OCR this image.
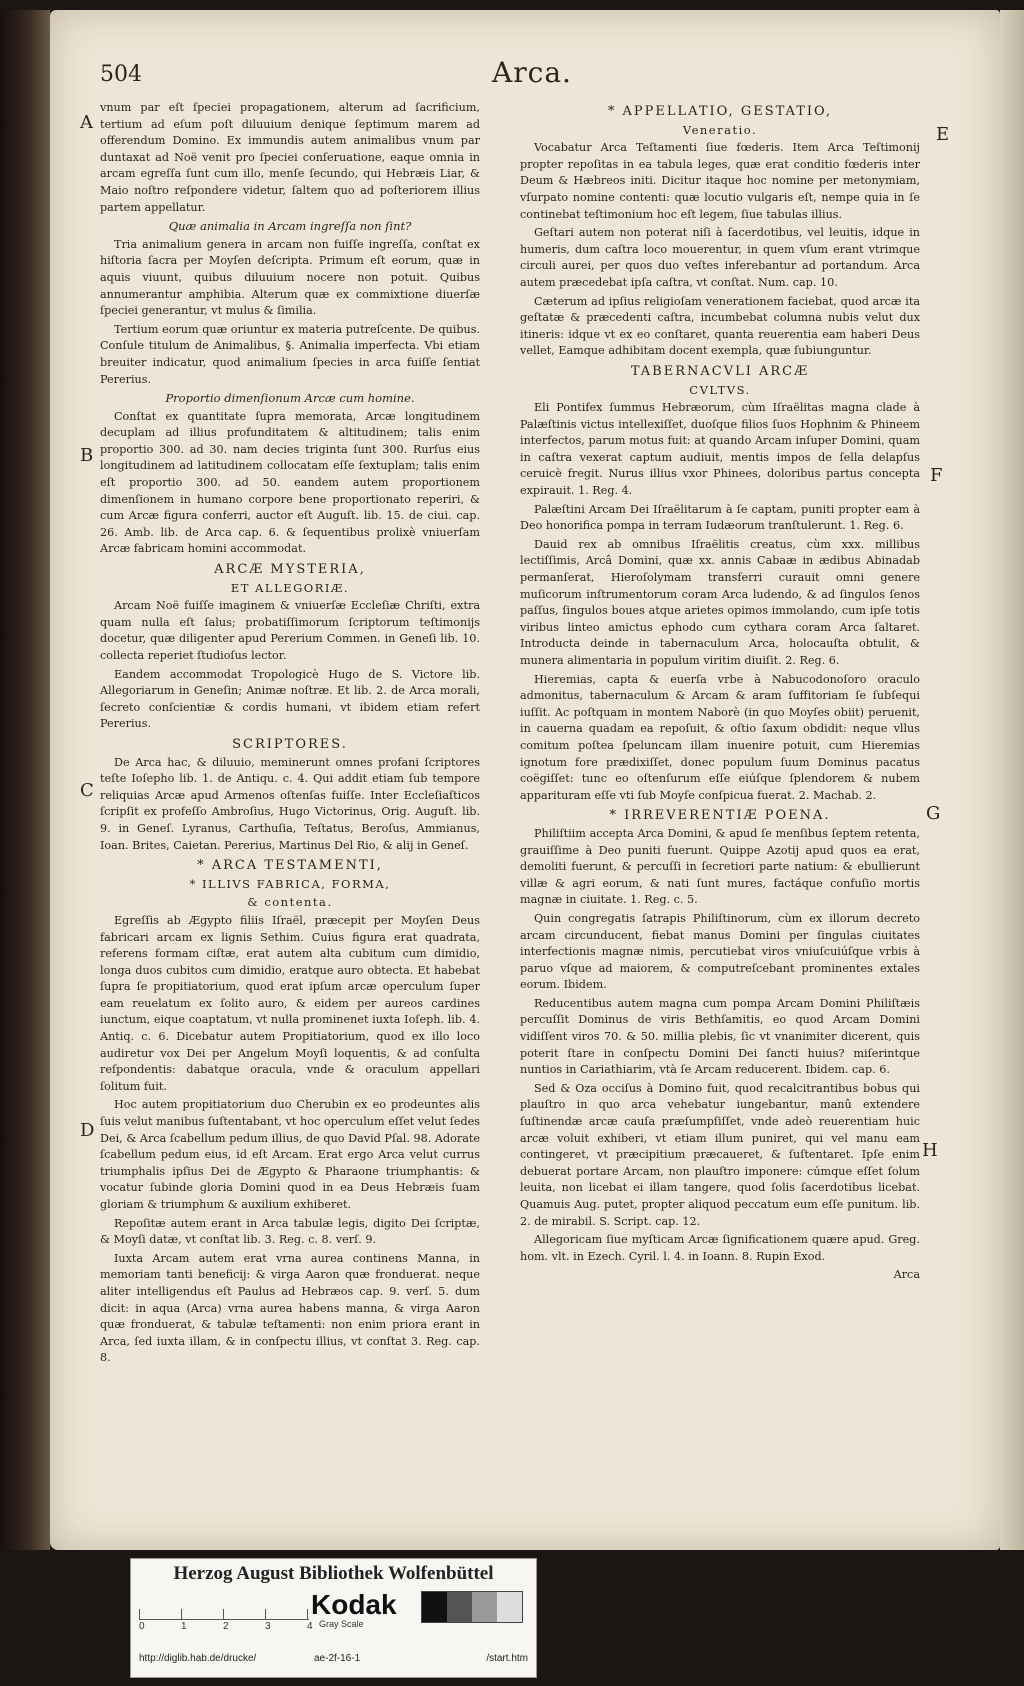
504	Arca.

vnum par eſt ſpeciei propagationem, alterum ad ſacrificium, tertium ad eſum poſt diluuium denique ſeptimum marem ad offerendum Domino. Ex immundis autem animalibus vnum par duntaxat ad Noë venit pro ſpeciei conſeruatione, eaque omnia in arcam egreſſa ſunt cum illo, menſe ſecundo, qui Hebræis Liar, & Maio noſtro reſpondere videtur, ſaltem quo ad poſteriorem illius partem appellatur.

Quæ animalia in Arcam ingreſſa non ſint?

Tria animalium genera in arcam non fuiſſe ingreſſa, conſtat ex hiſtoria ſacra per Moyſen deſcripta. Primum eſt eorum, quæ in aquis viuunt, quibus diluuium nocere non potuit. Quibus annumerantur amphibia. Alterum quæ ex commixtione diuerſæ ſpeciei generantur, vt mulus & ſimilia.

Tertium eorum quæ oriuntur ex materia putreſcente. De quibus. Conſule titulum de Animalibus, §. Animalia imperfecta. Vbi etiam breuiter indicatur, quod animalium ſpecies in arca fuiſſe ſentiat Pererius.

Proportio dimenſionum Arcæ cum homine.

Conſtat ex quantitate ſupra memorata, Arcæ longitudinem decuplam ad illius profunditatem & altitudinem; talis enim proportio 300. ad 30. nam decies triginta ſunt 300. Rurſus eius longitudinem ad latitudinem collocatam eſſe ſextuplam; talis enim eſt proportio 300. ad 50. eandem autem proportionem dimenſionem in humano corpore bene proportionato reperiri, & cum Arcæ figura conferri, auctor eſt Auguſt. lib. 15. de ciui. cap. 26. Amb. lib. de Arca cap. 6. & ſequentibus prolixè vniuerſam Arcæ fabricam homini accommodat.

ARCÆ MYSTERIA,
ET ALLEGORIÆ.

Arcam Noë fuiſſe imaginem & vniuerſæ Eccleſiæ Chriſti, extra quam nulla eſt ſalus; probatiſſimorum ſcriptorum teſtimonijs docetur, quæ diligenter apud Pererium Commen. in Geneſi lib. 10. collecta reperiet ſtudioſus lector.

Eandem accommodat Tropologicè Hugo de S. Victore lib. Allegoriarum in Geneſin; Animæ noſtræ. Et lib. 2. de Arca morali, ſecreto conſcientiæ & cordis humani, vt ibidem etiam refert Pererius.

SCRIPTORES.

De Arca hac, & diluuio, meminerunt omnes profani ſcriptores teſte Ioſepho lib. 1. de Antiqu. c. 4. Qui addit etiam ſub tempore reliquias Arcæ apud Armenos oſtenſas fuiſſe. Inter Eccleſiaſticos ſcripſit ex profeſſo Ambroſius, Hugo Victorinus, Orig. Auguſt. lib. 9. in Geneſ. Lyranus, Carthuſia, Teſtatus, Beroſus, Ammianus, Ioan. Brites, Caietan. Pererius, Martinus Del Rio, & alij in Geneſ.

* ARCA TESTAMENTI,
* ILLIVS FABRICA, FORMA,
& contenta.

Egreſſis ab Ægypto filiis Iſraël, præcepit per Moyſen Deus fabricari arcam ex lignis Sethim. Cuius figura erat quadrata, referens formam ciſtæ, erat autem alta cubitum cum dimidio, longa duos cubitos cum dimidio, eratque auro obtecta. Et habebat ſupra ſe propitiatorium, quod erat ipſum arcæ operculum ſuper eam reuelatum ex ſolito auro, & eidem per aureos cardines iunctum, eique coaptatum, vt nulla prominenet iuxta Ioſeph. lib. 4. Antiq. c. 6. Dicebatur autem Propitiatorium, quod ex illo loco audiretur vox Dei per Angelum Moyſi loquentis, & ad conſulta reſpondentis: dabatque oracula, vnde & oraculum appellari ſolitum fuit.

Hoc autem propitiatorium duo Cherubin ex eo prodeuntes alis ſuis velut manibus ſuſtentabant, vt hoc operculum eſſet velut ſedes Dei, & Arca ſcabellum pedum illius, de quo David Pſal. 98. Adorate ſcabellum pedum eius, id eſt Arcam. Erat ergo Arca velut currus triumphalis ipſius Dei de Ægypto & Pharaone triumphantis: & vocatur ſubinde gloria Domini quod in ea Deus Hebræis ſuam gloriam & triumphum & auxilium exhiberet.

Repoſitæ autem erant in Arca tabulæ legis, digito Dei ſcriptæ, & Moyſi datæ, vt conſtat lib. 3. Reg. c. 8. verſ. 9.

Iuxta Arcam autem erat vrna aurea continens Manna, in memoriam tanti beneficij: & virga Aaron quæ fronduerat. neque aliter intelligendus eſt Paulus ad Hebræos cap. 9. verſ. 5. dum dicit: in aqua (Arca) vrna aurea habens manna, & virga Aaron quæ fronduerat, & tabulæ teſtamenti: non enim priora erant in Arca, ſed iuxta illam, & in conſpectu illius, vt conſtat 3. Reg. cap. 8.

* APPELLATIO, GESTATIO,
Veneratio.

Vocabatur Arca Teſtamenti ſiue fœderis. Item Arca Teſtimonij propter repoſitas in ea tabula leges, quæ erat conditio fœderis inter Deum & Hæbreos initi. Dicitur itaque hoc nomine per metonymiam, vſurpato nomine contenti: quæ locutio vulgaris eſt, nempe quia in ſe continebat teſtimonium hoc eſt legem, ſiue tabulas illius.

Geſtari autem non poterat niſi à ſacerdotibus, vel leuitis, idque in humeris, dum caſtra loco mouerentur, in quem vſum erant vtrimque circuli aurei, per quos duo veſtes inferebantur ad portandum. Arca autem præcedebat ipſa caſtra, vt conſtat. Num. cap. 10.

Cæterum ad ipſius religioſam venerationem faciebat, quod arcæ ita geſtatæ & præcedenti caſtra, incumbebat columna nubis velut dux itineris: idque vt ex eo conſtaret, quanta reuerentia eam haberi Deus vellet, Eamque adhibitam docent exempla, quæ ſubiunguntur.

TABERNACVLI ARCÆ
CVLTVS.

Eli Pontifex ſummus Hebræorum, cùm Iſraëlitas magna clade à Palæſtinis victus intellexiſſet, duoſque filios ſuos Hophnim & Phineem interfectos, parum motus fuit: at quando Arcam inſuper Domini, quam in caſtra vexerat captum audiuit, mentis impos de ſella delapſus ceruicè fregit. Nurus illius vxor Phinees, doloribus partus concepta expirauit. 1. Reg. 4.

Palæſtini Arcam Dei Iſraëlitarum à ſe captam, puniti propter eam à Deo honorifica pompa in terram Iudæorum tranſtulerunt. 1. Reg. 6.

Dauid rex ab omnibus Iſraëlitis creatus, cùm xxx. millibus lectiſſimis, Arcâ Domini, quæ xx. annis Cabaæ in ædibus Abinadab permanſerat, Hieroſolymam transferri curauit omni genere muſicorum inſtrumentorum coram Arca ludendo, & ad ſingulos ſenos paſſus, ſingulos boues atque arietes opimos immolando, cum ipſe totis viribus linteo amictus ephodo cum cythara coram Arca ſaltaret. Introducta deinde in tabernaculum Arca, holocauſta obtulit, & munera alimentaria in populum viritim diuiſit. 2. Reg. 6.

Hieremias, capta & euerſa vrbe à Nabucodonoſoro oraculo admonitus, tabernaculum & Arcam & aram ſuffitoriam ſe ſubſequi iuſſit. Ac poſtquam in montem Naborè (in quo Moyſes obiit) peruenit, in cauerna quadam ea repoſuit, & oſtio ſaxum obdidit: neque vllus comitum poſtea ſpeluncam illam inuenire potuit, cum Hieremias ignotum fore prædixiſſet, donec populum ſuum Dominus pacatus coëgiſſet: tunc eo oſtenſurum eſſe eiúſque ſplendorem & nubem apparituram eſſe vti ſub Moyſe conſpicua fuerat. 2. Machab. 2.

* IRREVERENTIÆ POENA.

Philiſtiim accepta Arca Domini, & apud ſe menſibus ſeptem retenta, grauiſſime à Deo puniti fuerunt. Quippe Azotij apud quos ea erat, demoliti fuerunt, & percuſſi in ſecretiori parte natium: & ebullierunt villæ & agri eorum, & nati ſunt mures, factáque confuſio mortis magnæ in ciuitate. 1. Reg. c. 5.

Quin congregatis ſatrapis Philiſtinorum, cùm ex illorum decreto arcam circunducent, fiebat manus Domini per ſingulas ciuitates interfectionis magnæ nimis, percutiebat viros vniuſcuiúſque vrbis à paruo vſque ad maiorem, & computreſcebant prominentes extales eorum. Ibidem.

Reducentibus autem magna cum pompa Arcam Domini Philiſtæis percuſſit Dominus de viris Bethſamitis, eo quod Arcam Domini vidiſſent viros 70. & 50. millia plebis, ſic vt vnanimiter dicerent, quis poterit ſtare in conſpectu Domini Dei ſancti huius? miſerintque nuntios in Cariathiarim, vtà ſe Arcam reducerent. Ibidem. cap. 6.

Sed & Oza occiſus à Domino fuit, quod recalcitrantibus bobus qui plauſtro in quo arca vehebatur iungebantur, manû extendere ſuſtinendæ arcæ cauſa præſumpſiſſet, vnde adeò reuerentiam huic arcæ voluit exhiberi, vt etiam illum puniret, qui vel manu eam contingeret, vt præcipitium præcaueret, & ſuſtentaret. Ipſe enim debuerat portare Arcam, non plauſtro imponere: cúmque eſſet ſolum leuita, non licebat ei illam tangere, quod ſolis ſacerdotibus licebat. Quamuis Aug. putet, propter aliquod peccatum eum eſſe punitum. lib. 2. de mirabil. S. Script. cap. 12.

Allegoricam ſiue myſticam Arcæ ſignificationem quære apud. Greg. hom. vlt. in Ezech. Cyril. l. 4. in Ioann. 8. Rupin Exod.

Arca
A
B
C
D
E
F
G
H
Herzog August Bibliothek Wolfenbüttel
0	1	2	3	4
Kodak
Gray Scale
http://diglib.hab.de/drucke/	ae-2f-16-1	/start.htm
